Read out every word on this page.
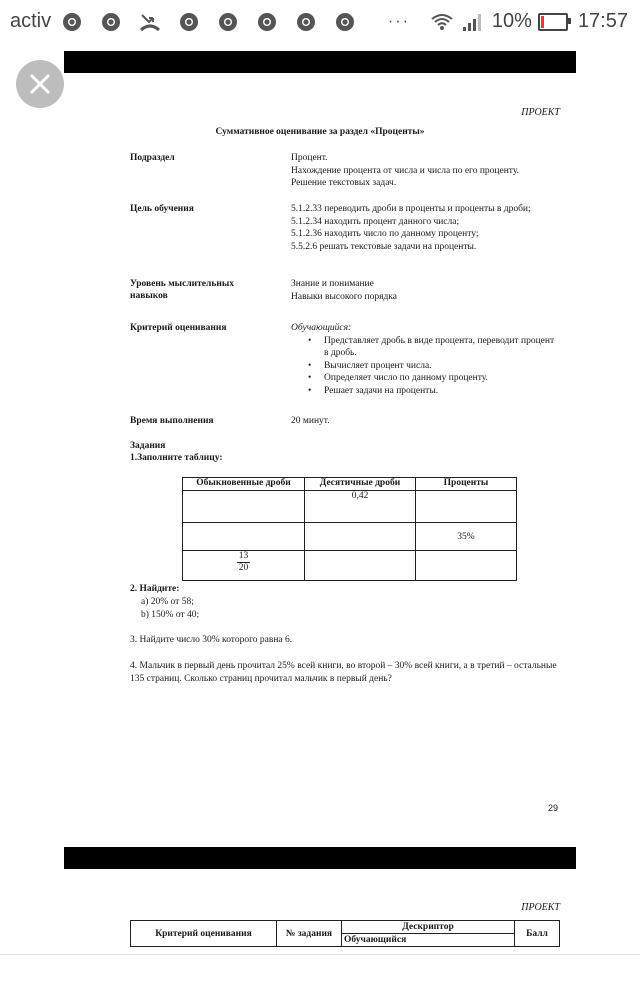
activ	···	10% 17:57
ПРОЕКТ
Суммативное оценивание за раздел «Проценты»
Подраздел	Процент.
Нахождение процента от числа и числа по его проценту.
Решение текстовых задач.
Цель обучения	5.1.2.33 переводить дроби в проценты и проценты в дроби;
5.1.2.34 находить процент данного числа;
5.1.2.36 находить число по данному проценту;
5.5.2.6 решать текстовые задачи на проценты.
Уровень мыслительных навыков
Знание и понимание
Навыки высокого порядка
Критерий оценивания	Обучающийся:
• Представляет дробь в виде процента, переводит процент в дробь.
• Вычисляет процент числа.
• Определяет число по данному проценту.
• Решает задачи на проценты.
Время выполнения	20 минут.
Задания
1.Заполните таблицу:
Обыкновенные дроби	Десятичные дроби	Проценты
	0,42	
		35%

$\frac{13}{20}$

2. Найдите:
a) 20% от 58;
b) 150% от 40;
3. Найдите число 30% которого равна 6.
4. Мальчик в первый день прочитал 25% всей книги, во второй – 30% всей книги, а в третий – остальные 135 страниц. Сколько страниц прочитал мальчик в первый день?
29
ПРОЕКТ
Критерий оценивания	№ задания	Дескриптор	Балл
Обучающийся
